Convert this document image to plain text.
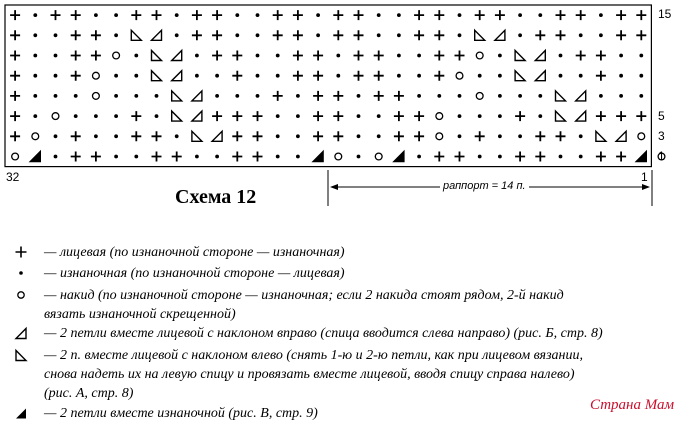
15
5
3
1
32	1
раппорт = 14 п.
Схема 12
— лицевая (по изнаночной стороне — изнаночная)
— изнаночная (по изнаночной стороне — лицевая)
— накид (по изнаночной стороне — изнаночная; если 2 накида стоят рядом, 2-й накид
вязать изнаночной скрещенной)
— 2 петли вместе лицевой с наклоном вправо (спица вводится слева направо) (рис. Б, стр. 8)
— 2 п. вместе лицевой с наклоном влево (снять 1-ю и 2-ю петли, как при лицевом вязании,
снова надеть их на левую спицу и провязать вместе лицевой, вводя спицу справа налево)
(рис. А, стр. 8)
— 2 петли вместе изнаночной (рис. В, стр. 9)
Страна Мам
